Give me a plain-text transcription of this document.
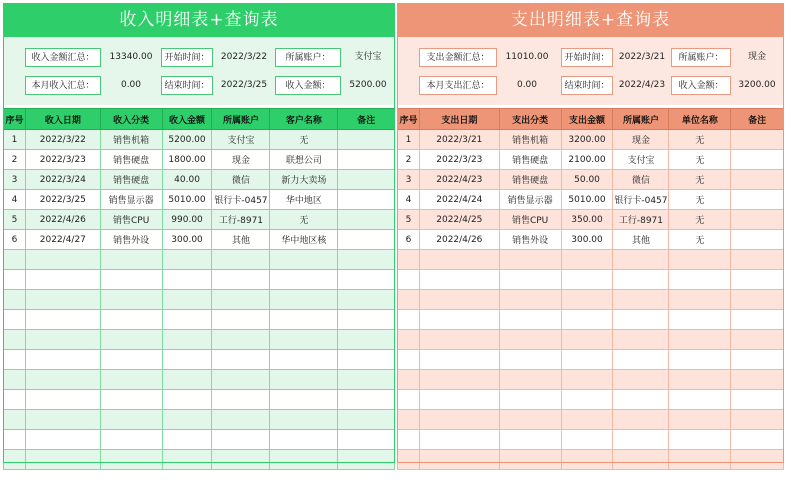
收入明细表+查询表
收入金额汇总：	13340.00	开始时间：	2022/3/22	所属账户：	支付宝
本月收入汇总：	0.00	结束时间：	2022/3/25	收入金额：	5200.00
序号	收入日期	收入分类	收入金额	所属账户	客户名称	备注
1	2022/3/22	销售机箱	5200.00	支付宝	无	
2	2022/3/23	销售硬盘	1800.00	现金	联想公司	
3	2022/3/24	销售硬盘	40.00	微信	新力大卖场	
4	2022/3/25	销售显示器	5010.00	银行卡-0457	华中地区	
5	2022/4/26	销售CPU	990.00	工行-8971	无	
6	2022/4/27	销售外设	300.00	其他	华中地区核	

支出明细表+查询表
支出金额汇总：	11010.00	开始时间：	2022/3/21	所属账户：	现金
本月支出汇总：	0.00	结束时间：	2022/4/23	收入金额：	3200.00
序号	支出日期	支出分类	支出金额	所属账户	单位名称	备注
1	2022/3/21	销售机箱	3200.00	现金	无	
2	2022/3/23	销售硬盘	2100.00	支付宝	无	
3	2022/4/23	销售硬盘	50.00	微信	无	
4	2022/4/24	销售显示器	5010.00	银行卡-0457	无	
5	2022/4/25	销售CPU	350.00	工行-8971	无	
6	2022/4/26	销售外设	300.00	其他	无	
